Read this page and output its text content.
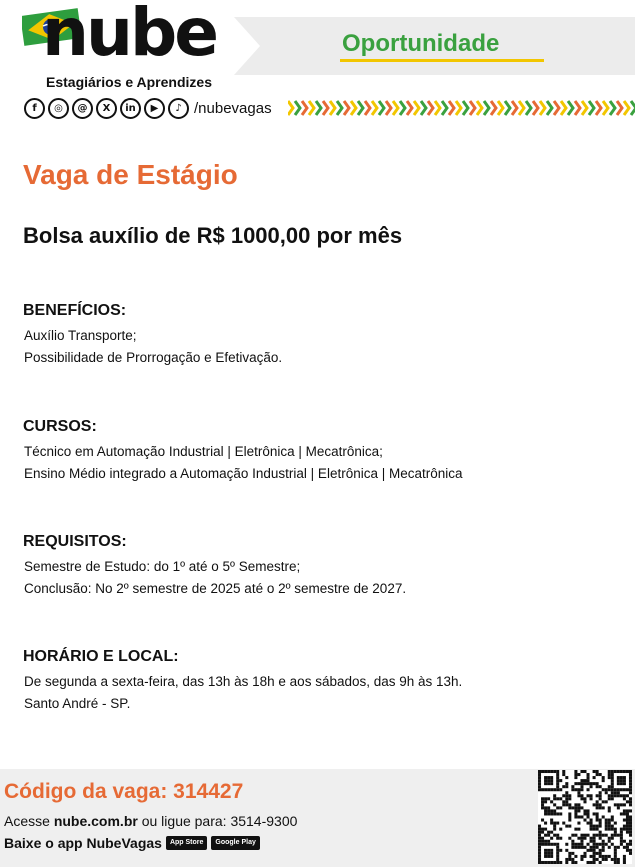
nube
Estagiários e Aprendizes
Oportunidade
f	◎	@	X	in	▶	♪ /nubevagas
Vaga de Estágio
Bolsa auxílio de R$ 1000,00 por mês
BENEFÍCIOS:
Auxílio Transporte;
Possibilidade de Prorrogação e Efetivação.
CURSOS:
Técnico em Automação Industrial | Eletrônica | Mecatrônica;
Ensino Médio integrado a Automação Industrial | Eletrônica | Mecatrônica
REQUISITOS:
Semestre de Estudo: do 1º até o 5º Semestre;
Conclusão: No 2º semestre de 2025 até o 2º semestre de 2027.
HORÁRIO E LOCAL:
De segunda a sexta-feira, das 13h às 18h e aos sábados, das 9h às 13h.
Santo André - SP.
Código da vaga: 314427
Acesse nube.com.br ou ligue para: 3514-9300
Baixe o app NubeVagas	App Store	Google Play
